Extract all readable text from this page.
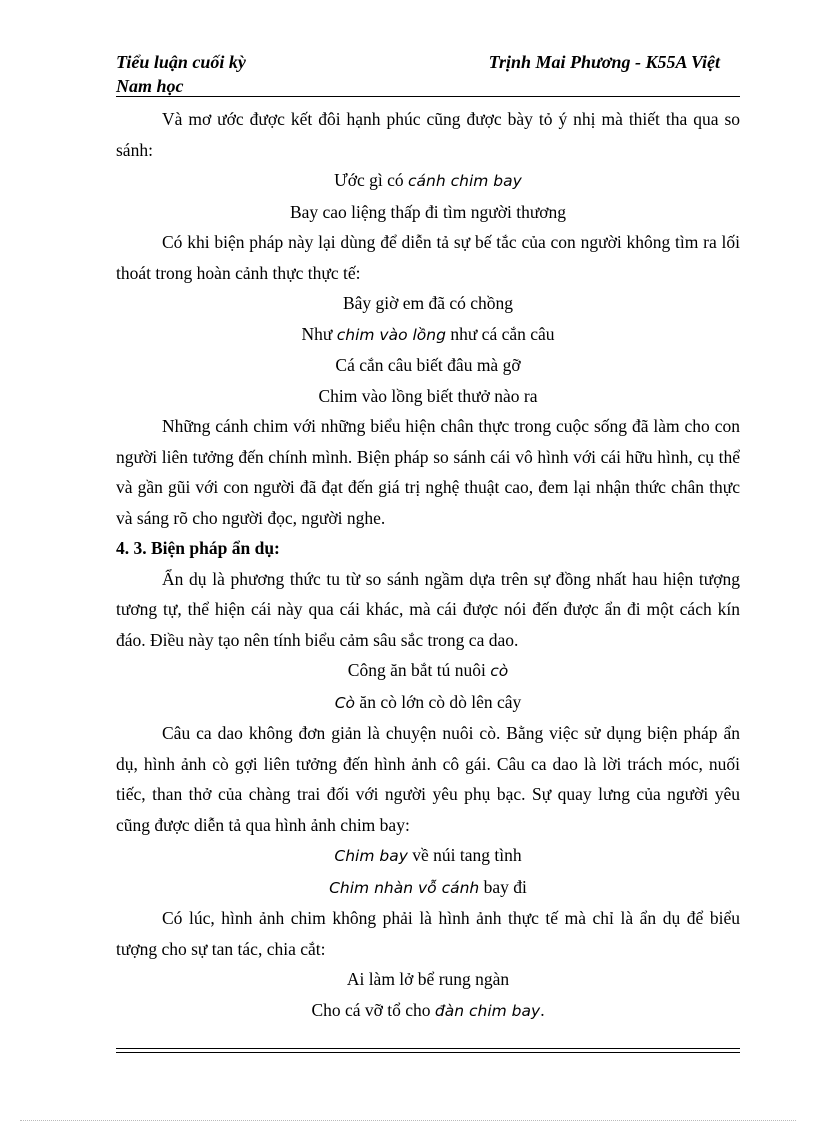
Tiểu luận cuối kỳ	Trịnh Mai Phương - K55A Việt
Nam học

Và mơ ước được kết đôi hạnh phúc cũng được bày tỏ ý nhị mà thiết tha qua so sánh:

Ước gì có cánh chim bay

Bay cao liệng thấp đi tìm người thương

Có khi biện pháp này lại dùng để diễn tả sự bế tắc của con người không tìm ra lối thoát trong hoàn cảnh thực thực tế:

Bây giờ em đã có chồng

Như chim vào lồng như cá cắn câu

Cá cắn câu biết đâu mà gỡ

Chim vào lồng biết thưở nào ra

Những cánh chim với những biểu hiện chân thực trong cuộc sống đã làm cho con người liên tưởng đến chính mình. Biện pháp so sánh cái vô hình với cái hữu hình, cụ thể và gần gũi với con người đã đạt đến giá trị nghệ thuật cao, đem lại nhận thức chân thực và sáng rõ cho người đọc, người nghe.

4. 3. Biện pháp ẩn dụ:

Ẩn dụ là phương thức tu từ so sánh ngầm dựa trên sự đồng nhất hau hiện tượng tương tự, thể hiện cái này qua cái khác, mà cái được nói đến được ẩn đi một cách kín đáo. Điều này tạo nên tính biểu cảm sâu sắc trong ca dao.

Công ăn bắt tú nuôi cò

Cò ăn cò lớn cò dò lên cây

Câu ca dao không đơn giản là chuyện nuôi cò. Bằng việc sử dụng biện pháp ẩn dụ, hình ảnh cò gợi liên tưởng đến hình ảnh cô gái. Câu ca dao là lời trách móc, nuối tiếc, than thở của chàng trai đối với người yêu phụ bạc. Sự quay lưng của người yêu cũng được diễn tả qua hình ảnh chim bay:

Chim bay về núi tang tình

Chim nhàn vỗ cánh bay đi

Có lúc, hình ảnh chim không phải là hình ảnh thực tế mà chỉ là ẩn dụ để biểu tượng cho sự tan tác, chia cắt:

Ai làm lở bể rung ngàn

Cho cá vỡ tổ cho đàn chim bay.
